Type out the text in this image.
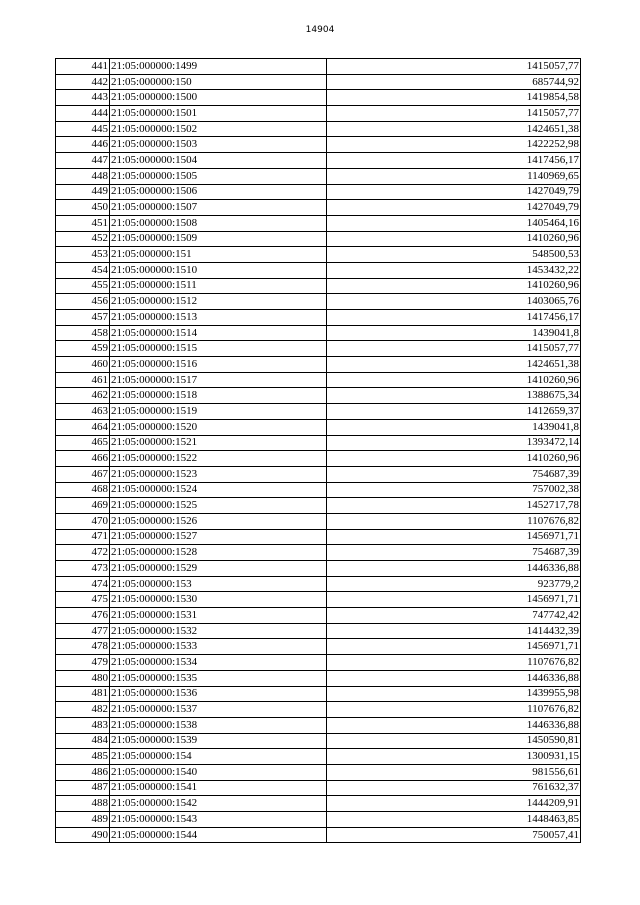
14904
441	21:05:000000:1499	1415057,77
442	21:05:000000:150	685744,92
443	21:05:000000:1500	1419854,58
444	21:05:000000:1501	1415057,77
445	21:05:000000:1502	1424651,38
446	21:05:000000:1503	1422252,98
447	21:05:000000:1504	1417456,17
448	21:05:000000:1505	1140969,65
449	21:05:000000:1506	1427049,79
450	21:05:000000:1507	1427049,79
451	21:05:000000:1508	1405464,16
452	21:05:000000:1509	1410260,96
453	21:05:000000:151	548500,53
454	21:05:000000:1510	1453432,22
455	21:05:000000:1511	1410260,96
456	21:05:000000:1512	1403065,76
457	21:05:000000:1513	1417456,17
458	21:05:000000:1514	1439041,8
459	21:05:000000:1515	1415057,77
460	21:05:000000:1516	1424651,38
461	21:05:000000:1517	1410260,96
462	21:05:000000:1518	1388675,34
463	21:05:000000:1519	1412659,37
464	21:05:000000:1520	1439041,8
465	21:05:000000:1521	1393472,14
466	21:05:000000:1522	1410260,96
467	21:05:000000:1523	754687,39
468	21:05:000000:1524	757002,38
469	21:05:000000:1525	1452717,78
470	21:05:000000:1526	1107676,82
471	21:05:000000:1527	1456971,71
472	21:05:000000:1528	754687,39
473	21:05:000000:1529	1446336,88
474	21:05:000000:153	923779,2
475	21:05:000000:1530	1456971,71
476	21:05:000000:1531	747742,42
477	21:05:000000:1532	1414432,39
478	21:05:000000:1533	1456971,71
479	21:05:000000:1534	1107676,82
480	21:05:000000:1535	1446336,88
481	21:05:000000:1536	1439955,98
482	21:05:000000:1537	1107676,82
483	21:05:000000:1538	1446336,88
484	21:05:000000:1539	1450590,81
485	21:05:000000:154	1300931,15
486	21:05:000000:1540	981556,61
487	21:05:000000:1541	761632,37
488	21:05:000000:1542	1444209,91
489	21:05:000000:1543	1448463,85
490	21:05:000000:1544	750057,41
